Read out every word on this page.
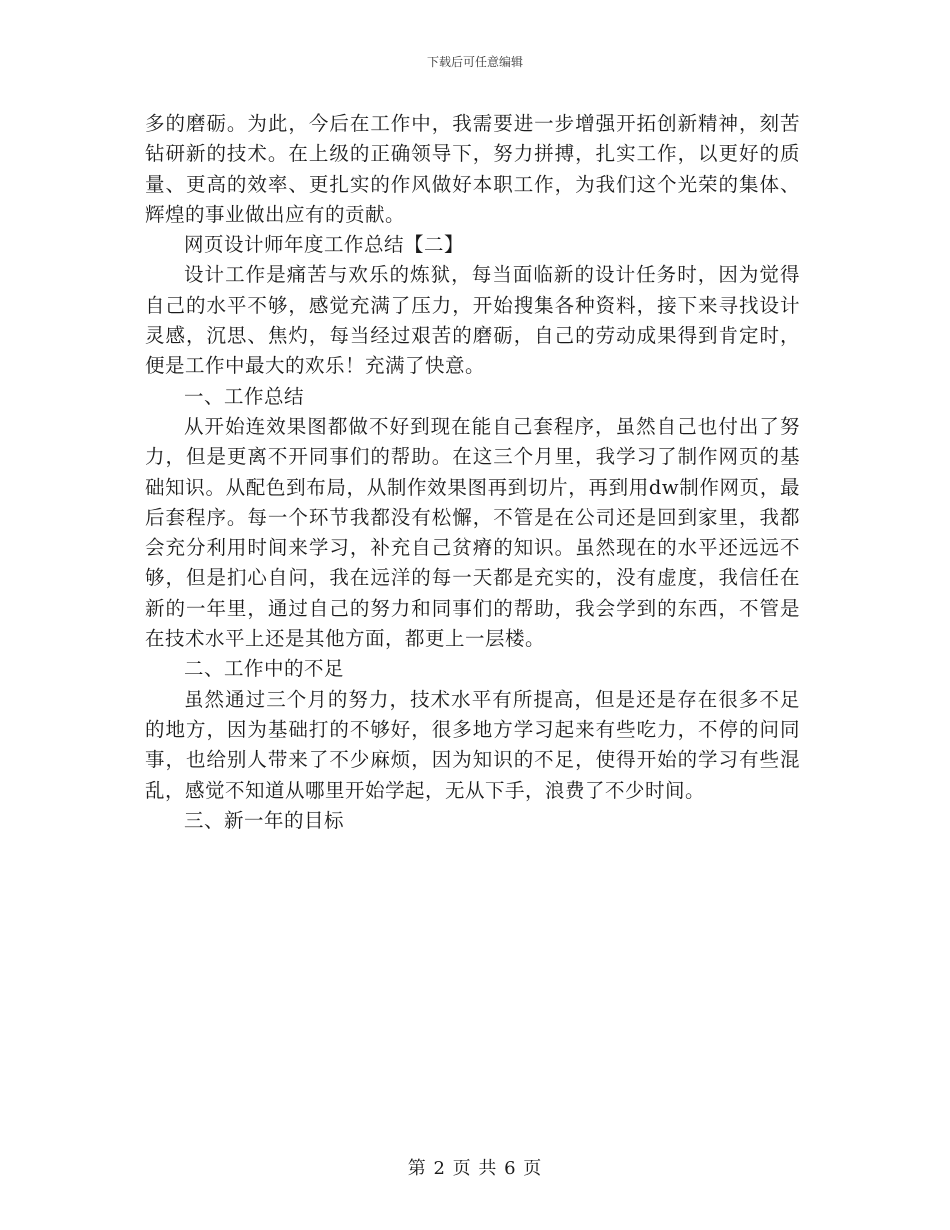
下载后可任意编辑

多的磨砺。为此，今后在工作中，我需要进一步增强开拓创新精神，刻苦钻研新的技术。在上级的正确领导下，努力拼搏，扎实工作，以更好的质量、更高的效率、更扎实的作风做好本职工作，为我们这个光荣的集体、辉煌的事业做出应有的贡献。

网页设计师年度工作总结【二】

设计工作是痛苦与欢乐的炼狱，每当面临新的设计任务时，因为觉得自己的水平不够，感觉充满了压力，开始搜集各种资料，接下来寻找设计灵感，沉思、焦灼，每当经过艰苦的磨砺，自己的劳动成果得到肯定时，便是工作中最大的欢乐！充满了快意。

一、工作总结

从开始连效果图都做不好到现在能自己套程序，虽然自己也付出了努力，但是更离不开同事们的帮助。在这三个月里，我学习了制作网页的基础知识。从配色到布局，从制作效果图再到切片，再到用dw制作网页，最后套程序。每一个环节我都没有松懈，不管是在公司还是回到家里，我都会充分利用时间来学习，补充自己贫瘠的知识。虽然现在的水平还远远不够，但是扪心自问，我在远洋的每一天都是充实的，没有虚度，我信任在新的一年里，通过自己的努力和同事们的帮助，我会学到的东西，不管是在技术水平上还是其他方面，都更上一层楼。

二、工作中的不足

虽然通过三个月的努力，技术水平有所提高，但是还是存在很多不足的地方，因为基础打的不够好，很多地方学习起来有些吃力，不停的问同事，也给别人带来了不少麻烦，因为知识的不足，使得开始的学习有些混乱，感觉不知道从哪里开始学起，无从下手，浪费了不少时间。

三、新一年的目标

第 2 页 共 6 页
